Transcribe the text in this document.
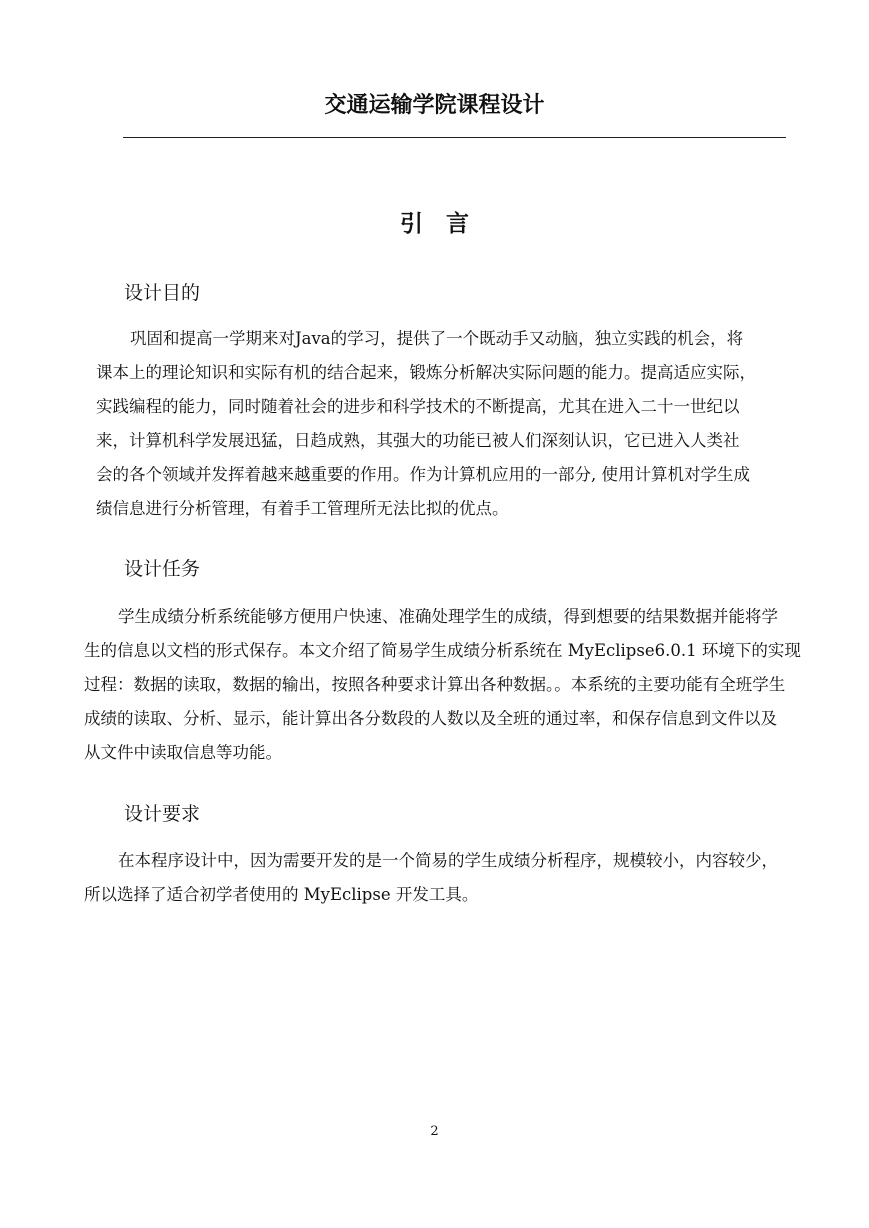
交通运输学院课程设计
引　言
设计目的
巩固和提高一学期来对Java的学习，提供了一个既动手又动脑，独立实践的机会，将
课本上的理论知识和实际有机的结合起来，锻炼分析解决实际问题的能力。提高适应实际，
实践编程的能力，同时随着社会的进步和科学技术的不断提高，尤其在进入二十一世纪以
来，计算机科学发展迅猛，日趋成熟，其强大的功能已被人们深刻认识，它已进入人类社
会的各个领域并发挥着越来越重要的作用。作为计算机应用的一部分, 使用计算机对学生成
绩信息进行分析管理，有着手工管理所无法比拟的优点。
设计任务
学生成绩分析系统能够方便用户快速、准确处理学生的成绩，得到想要的结果数据并能将学
生的信息以文档的形式保存。本文介绍了简易学生成绩分析系统在 MyEclipse6.0.1 环境下的实现
过程：数据的读取，数据的输出，按照各种要求计算出各种数据。。本系统的主要功能有全班学生
成绩的读取、分析、显示，能计算出各分数段的人数以及全班的通过率，和保存信息到文件以及
从文件中读取信息等功能。
设计要求
在本程序设计中，因为需要开发的是一个简易的学生成绩分析程序，规模较小，内容较少，
所以选择了适合初学者使用的 MyEclipse 开发工具。

2
